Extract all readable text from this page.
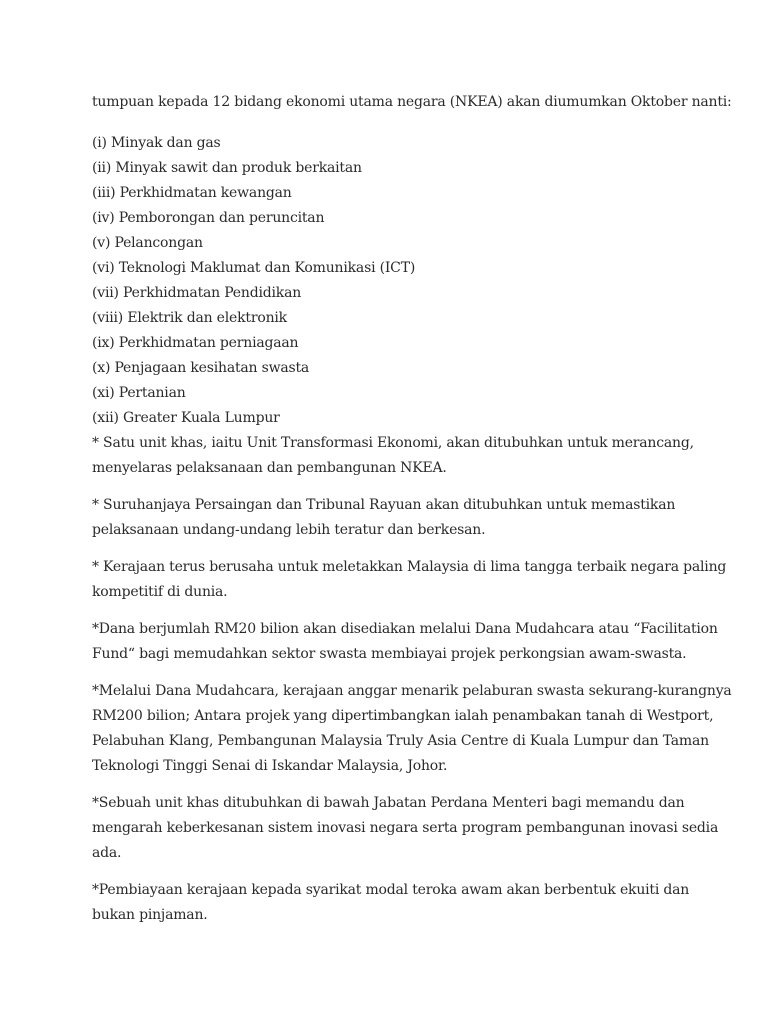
tumpuan kepada 12 bidang ekonomi utama negara (NKEA) akan diumumkan Oktober nanti:

(i) Minyak dan gas
(ii) Minyak sawit dan produk berkaitan
(iii) Perkhidmatan kewangan
(iv) Pemborongan dan peruncitan
(v) Pelancongan
(vi) Teknologi Maklumat dan Komunikasi (ICT)
(vii) Perkhidmatan Pendidikan
(viii) Elektrik dan elektronik
(ix) Perkhidmatan perniagaan
(x) Penjagaan kesihatan swasta
(xi) Pertanian
(xii) Greater Kuala Lumpur

* Satu unit khas, iaitu Unit Transformasi Ekonomi, akan ditubuhkan untuk merancang, menyelaras pelaksanaan dan pembangunan NKEA.

* Suruhanjaya Persaingan dan Tribunal Rayuan akan ditubuhkan untuk memastikan pelaksanaan undang-undang lebih teratur dan berkesan.

* Kerajaan terus berusaha untuk meletakkan Malaysia di lima tangga terbaik negara paling kompetitif di dunia.

*Dana berjumlah RM20 bilion akan disediakan melalui Dana Mudahcara atau “Facilitation Fund“ bagi memudahkan sektor swasta membiayai projek perkongsian awam-swasta.

*Melalui Dana Mudahcara, kerajaan anggar menarik pelaburan swasta sekurang-kurangnya RM200 bilion; Antara projek yang dipertimbangkan ialah penambakan tanah di Westport, Pelabuhan Klang, Pembangunan Malaysia Truly Asia Centre di Kuala Lumpur dan Taman Teknologi Tinggi Senai di Iskandar Malaysia, Johor.

*Sebuah unit khas ditubuhkan di bawah Jabatan Perdana Menteri bagi memandu dan mengarah keberkesanan sistem inovasi negara serta program pembangunan inovasi sedia ada.

*Pembiayaan kerajaan kepada syarikat modal teroka awam akan berbentuk ekuiti dan bukan pinjaman.
